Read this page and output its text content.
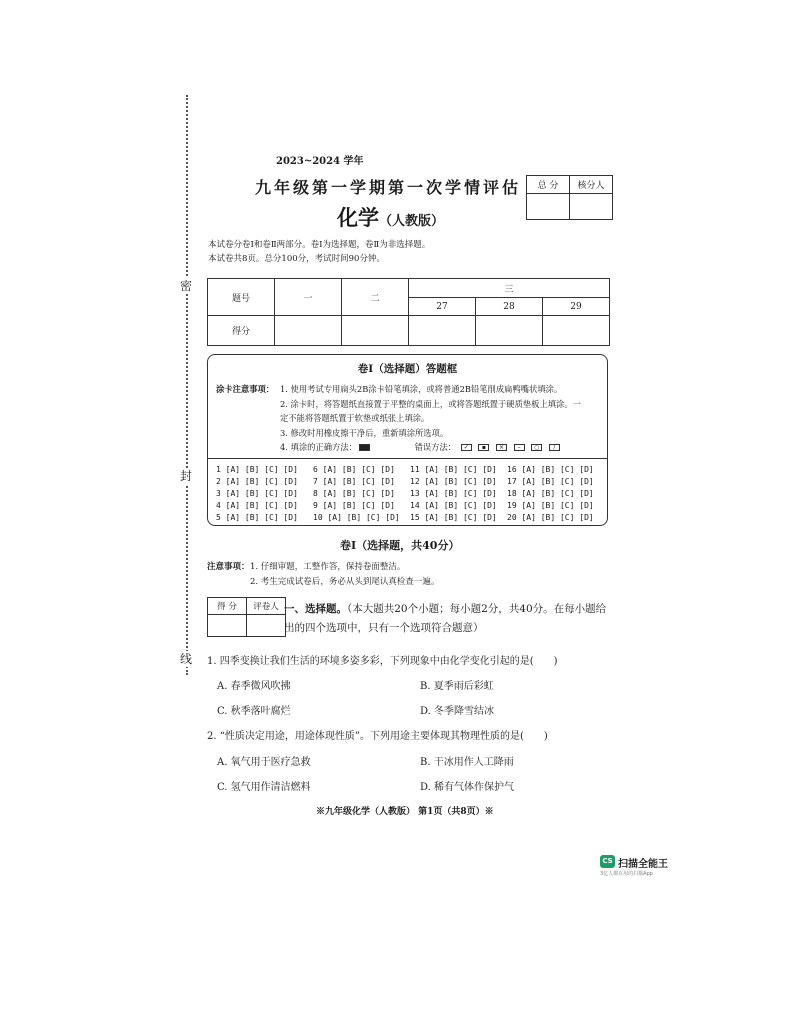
密
封
线
2023~2024 学年
九年级第一学期第一次学情评估
化学（人教版）
总 分	核分人

本试卷分卷Ⅰ和卷Ⅱ两部分。卷Ⅰ为选择题，卷Ⅱ为非选择题。
本试卷共8页。总分100分，考试时间90分钟。
题号	一	二	三		
			27	28	29
得分					
卷Ⅰ（选择题）答题框
涂卡注意事项： 1. 使用考试专用扁头2B涂卡铅笔填涂，或将普通2B铅笔削成扁鸭嘴状填涂。
2. 涂卡时，将答题纸直接置于平整的桌面上，或将答题纸置于硬质垫板上填涂。一
定不能将答题纸置于软垫或纸张上填涂。
3. 修改时用橡皮擦干净后，重新填涂所选项。
4. 填涂的正确方法：	错误方法： ✓ ▪ × – ○ /
1 [A] [B] [C] [D] 6 [A] [B] [C] [D] 11 [A] [B] [C] [D] 16 [A] [B] [C] [D]
2 [A] [B] [C] [D] 7 [A] [B] [C] [D] 12 [A] [B] [C] [D] 17 [A] [B] [C] [D]
3 [A] [B] [C] [D] 8 [A] [B] [C] [D] 13 [A] [B] [C] [D] 18 [A] [B] [C] [D]
4 [A] [B] [C] [D] 9 [A] [B] [C] [D] 14 [A] [B] [C] [D] 19 [A] [B] [C] [D]
5 [A] [B] [C] [D] 10 [A] [B] [C] [D] 15 [A] [B] [C] [D] 20 [A] [B] [C] [D]
卷Ⅰ（选择题，共40分）
注意事项： 1. 仔细审题，工整作答，保持卷面整洁。
2. 考生完成试卷后，务必从头到尾认真检查一遍。
得 分	评卷人
	一、选择题。（本大题共20个小题；每小题2分，共40分。在每小题给出的四个选项中，只有一个选项符合题意）
1. 四季变换让我们生活的环境多姿多彩，下列现象中由化学变化引起的是(　　)
A. 春季微风吹拂	B. 夏季雨后彩虹
C. 秋季落叶腐烂	D. 冬季降雪结冰
2. “性质决定用途，用途体现性质”。下列用途主要体现其物理性质的是(　　)
A. 氧气用于医疗急救	B. 干冰用作人工降雨
C. 氢气用作清洁燃料	D. 稀有气体作保护气
※九年级化学（人教版） 第1页（共8页）※
CS 扫描全能王
3亿人都在用的扫描App
